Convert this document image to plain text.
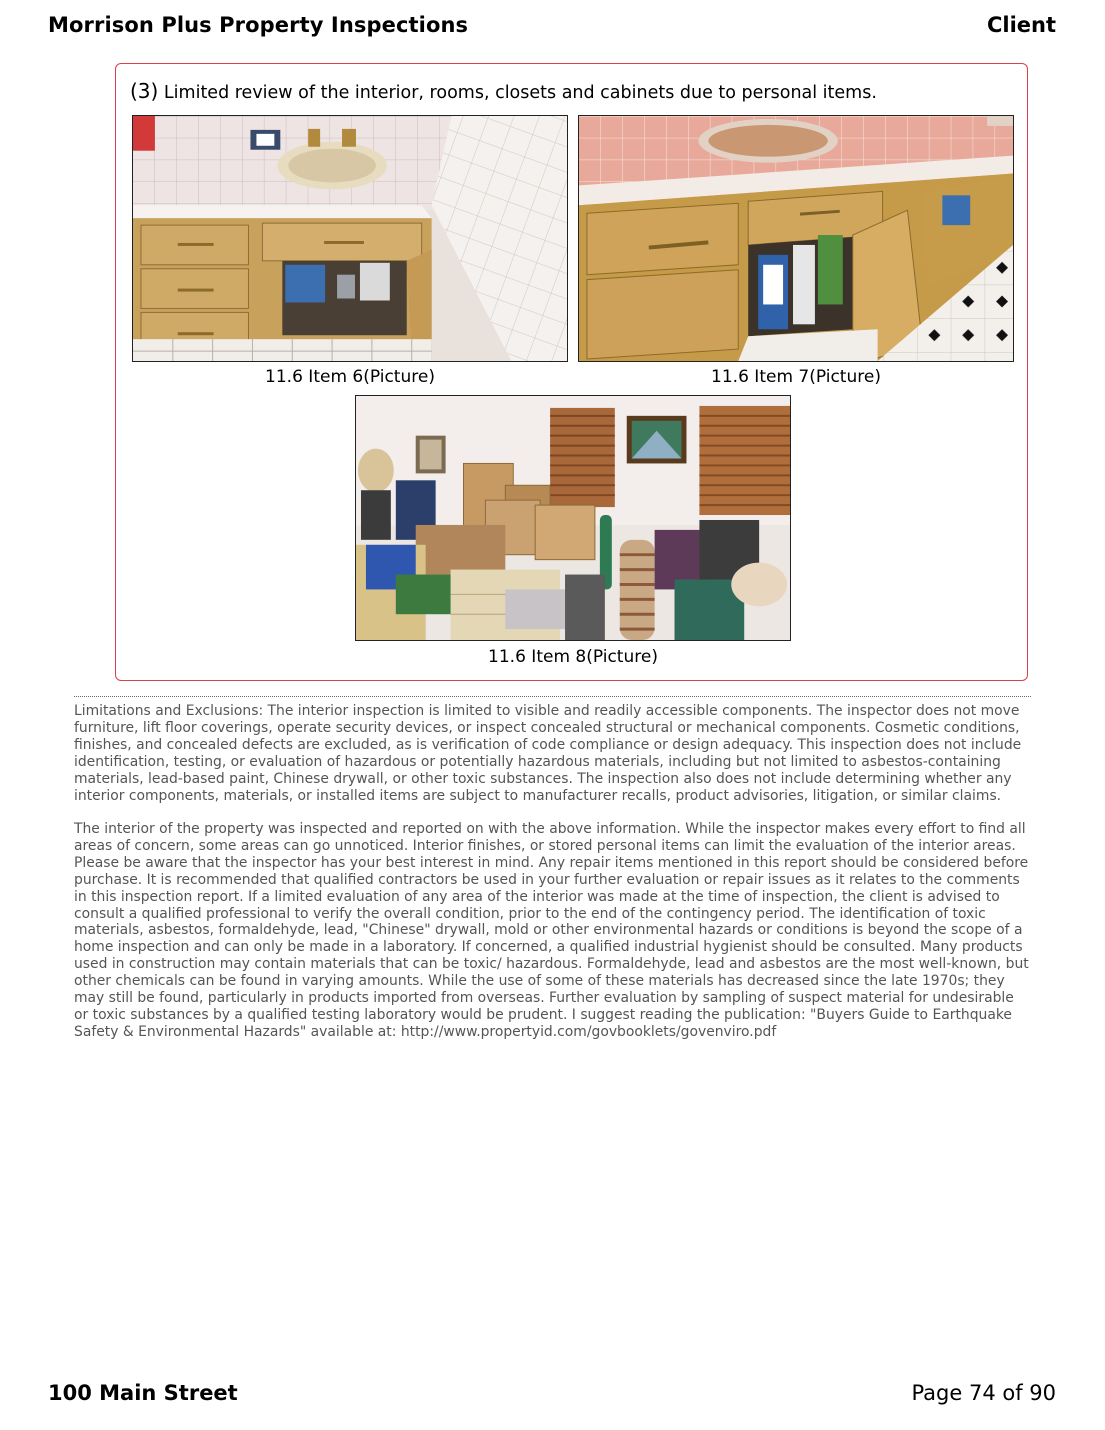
Morrison Plus Property Inspections	Client
(3) Limited review of the interior, rooms, closets and cabinets due to personal items.
11.6 Item 6(Picture)	11.6 Item 7(Picture)
11.6 Item 8(Picture)

Limitations and Exclusions: The interior inspection is limited to visible and readily accessible components. The inspector does not move furniture, lift floor coverings, operate security devices, or inspect concealed structural or mechanical components. Cosmetic conditions, finishes, and concealed defects are excluded, as is verification of code compliance or design adequacy. This inspection does not include identification, testing, or evaluation of hazardous or potentially hazardous materials, including but not limited to asbestos-containing materials, lead-based paint, Chinese drywall, or other toxic substances. The inspection also does not include determining whether any interior components, materials, or installed items are subject to manufacturer recalls, product advisories, litigation, or similar claims.

The interior of the property was inspected and reported on with the above information. While the inspector makes every effort to find all areas of concern, some areas can go unnoticed. Interior finishes, or stored personal items can limit the evaluation of the interior areas. Please be aware that the inspector has your best interest in mind. Any repair items mentioned in this report should be considered before purchase. It is recommended that qualified contractors be used in your further evaluation or repair issues as it relates to the comments in this inspection report. If a limited evaluation of any area of the interior was made at the time of inspection, the client is advised to consult a qualified professional to verify the overall condition, prior to the end of the contingency period. The identification of toxic materials, asbestos, formaldehyde, lead, "Chinese" drywall, mold or other environmental hazards or conditions is beyond the scope of a home inspection and can only be made in a laboratory. If concerned, a qualified industrial hygienist should be consulted. Many products used in construction may contain materials that can be toxic/ hazardous. Formaldehyde, lead and asbestos are the most well-known, but other chemicals can be found in varying amounts. While the use of some of these materials has decreased since the late 1970s; they may still be found, particularly in products imported from overseas. Further evaluation by sampling of suspect material for undesirable or toxic substances by a qualified testing laboratory would be prudent. I suggest reading the publication: "Buyers Guide to Earthquake Safety & Environmental Hazards" available at: http://www.propertyid.com/govbooklets/govenviro.pdf

100 Main Street	Page 74 of 90
